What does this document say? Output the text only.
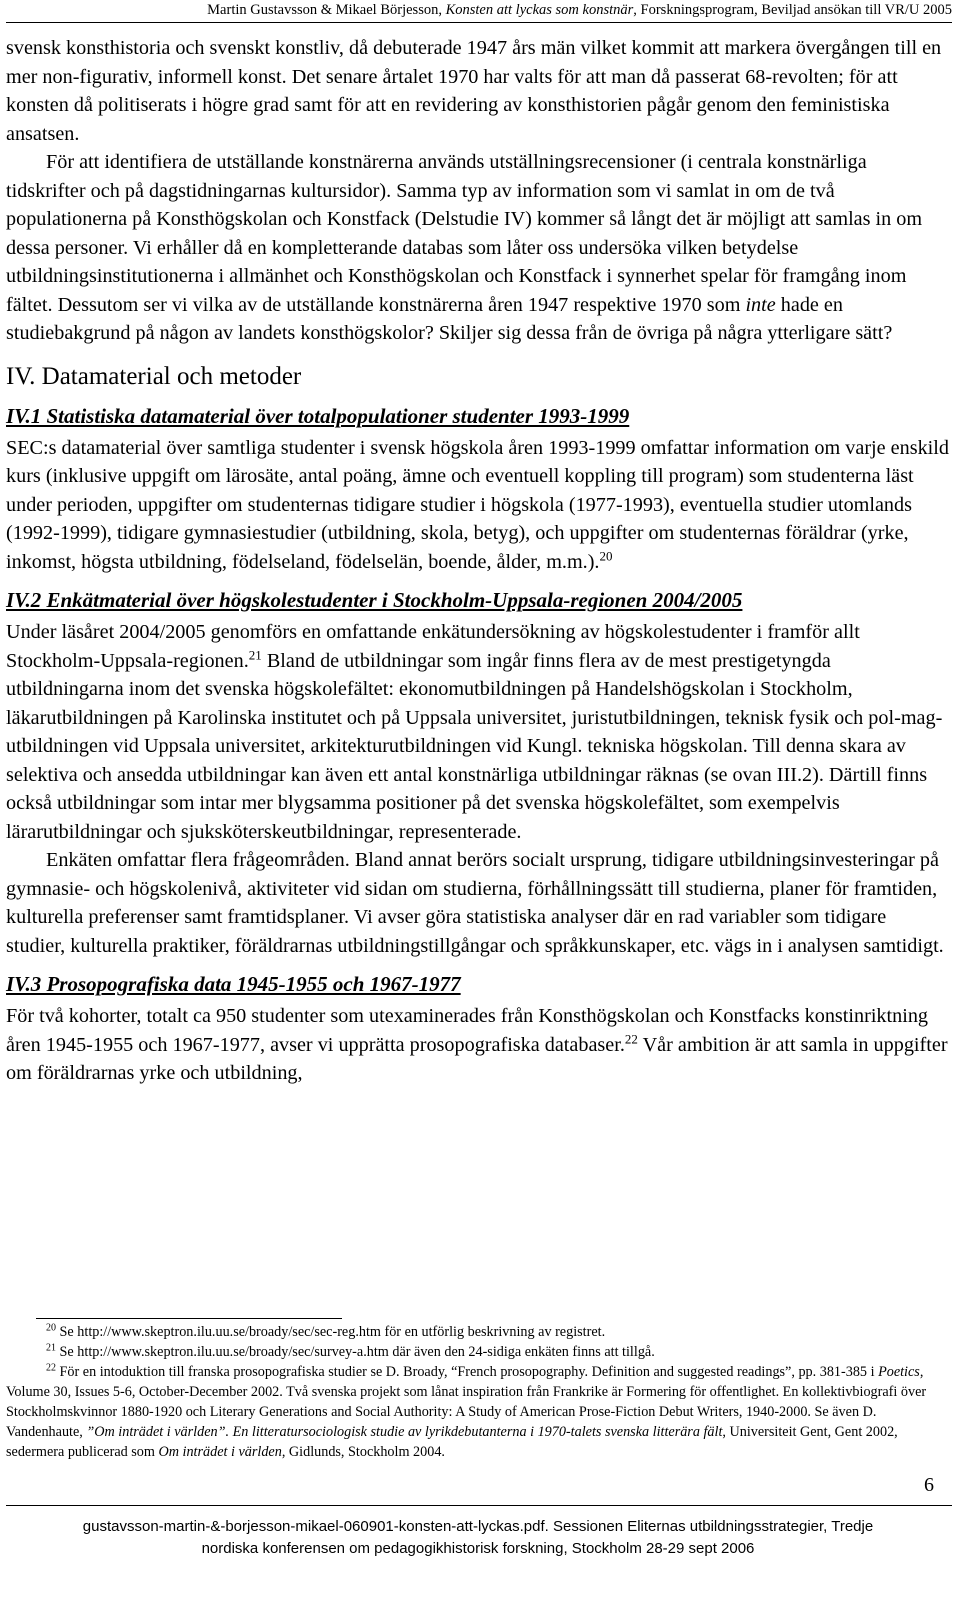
Martin Gustavsson & Mikael Börjesson, Konsten att lyckas som konstnär, Forskningsprogram, Beviljad ansökan till VR/U 2005

svensk konsthistoria och svenskt konstliv, då debuterade 1947 års män vilket kommit att markera övergången till en mer non-figurativ, informell konst. Det senare årtalet 1970 har valts för att man då passerat 68-revolten; för att konsten då politiserats i högre grad samt för att en revidering av konsthistorien pågår genom den feministiska ansatsen.

För att identifiera de utställande konstnärerna används utställningsrecensioner (i centrala konstnärliga tidskrifter och på dagstidningarnas kultursidor). Samma typ av information som vi samlat in om de två populationerna på Konsthögskolan och Konstfack (Delstudie IV) kommer så långt det är möjligt att samlas in om dessa personer. Vi erhåller då en kompletterande databas som låter oss undersöka vilken betydelse utbildningsinstitutionerna i allmänhet och Konsthögskolan och Konstfack i synnerhet spelar för framgång inom fältet. Dessutom ser vi vilka av de utställande konstnärerna åren 1947 respektive 1970 som inte hade en studiebakgrund på någon av landets konsthögskolor? Skiljer sig dessa från de övriga på några ytterligare sätt?

IV. Datamaterial och metoder

IV.1 Statistiska datamaterial över totalpopulationer studenter 1993-1999

SEC:s datamaterial över samtliga studenter i svensk högskola åren 1993-1999 omfattar information om varje enskild kurs (inklusive uppgift om lärosäte, antal poäng, ämne och eventuell koppling till program) som studenterna läst under perioden, uppgifter om studenternas tidigare studier i högskola (1977-1993), eventuella studier utomlands (1992-1999), tidigare gymnasiestudier (utbildning, skola, betyg), och uppgifter om studenternas föräldrar (yrke, inkomst, högsta utbildning, födelseland, födelselän, boende, ålder, m.m.).$^{20}$

IV.2 Enkätmaterial över högskolestudenter i Stockholm-Uppsala-regionen 2004/2005

Under läsåret 2004/2005 genomförs en omfattande enkätundersökning av högskolestudenter i framför allt Stockholm-Uppsala-regionen.$^{21}$ Bland de utbildningar som ingår finns flera av de mest prestigetyngda utbildningarna inom det svenska högskolefältet: ekonomutbildningen på Handelshögskolan i Stockholm, läkarutbildningen på Karolinska institutet och på Uppsala universitet, juristutbildningen, teknisk fysik och pol-mag-utbildningen vid Uppsala universitet, arkitekturutbildningen vid Kungl. tekniska högskolan. Till denna skara av selektiva och ansedda utbildningar kan även ett antal konstnärliga utbildningar räknas (se ovan III.2). Därtill finns också utbildningar som intar mer blygsamma positioner på det svenska högskolefältet, som exempelvis lärarutbildningar och sjuksköterskeutbildningar, representerade.

Enkäten omfattar flera frågeområden. Bland annat berörs socialt ursprung, tidigare utbildningsinvesteringar på gymnasie- och högskolenivå, aktiviteter vid sidan om studierna, förhållningssätt till studierna, planer för framtiden, kulturella preferenser samt framtidsplaner. Vi avser göra statistiska analyser där en rad variabler som tidigare studier, kulturella praktiker, föräldrarnas utbildningstillgångar och språkkunskaper, etc. vägs in i analysen samtidigt.

IV.3 Prosopografiska data 1945-1955 och 1967-1977

För två kohorter, totalt ca 950 studenter som utexaminerades från Konsthögskolan och Konstfacks konstinriktning åren 1945-1955 och 1967-1977, avser vi upprätta prosopografiska databaser.$^{22}$ Vår ambition är att samla in uppgifter om föräldrarnas yrke och utbildning,

$^{20}$ Se http://www.skeptron.ilu.uu.se/broady/sec/sec-reg.htm för en utförlig beskrivning av registret.

$^{21}$ Se http://www.skeptron.ilu.uu.se/broady/sec/survey-a.htm där även den 24-sidiga enkäten finns att tillgå.

$^{22}$ För en intoduktion till franska prosopografiska studier se D. Broady, “French prosopography. Definition and suggested readings”, pp. 381-385 i Poetics, Volume 30, Issues 5-6, October-December 2002. Två svenska projekt som lånat inspiration från Frankrike är Formering för offentlighet. En kollektivbiografi över Stockholmskvinnor 1880-1920 och Literary Generations and Social Authority: A Study of American Prose-Fiction Debut Writers, 1940-2000. Se även D. Vandenhaute, ”Om inträdet i världen”. En litteratursociologisk studie av lyrikdebutanterna i 1970-talets svenska litterära fält, Universiteit Gent, Gent 2002, sedermera publicerad som Om inträdet i världen, Gidlunds, Stockholm 2004.

6

gustavsson-martin-&-borjesson-mikael-060901-konsten-att-lyckas.pdf. Sessionen Eliternas utbildningsstrategier, Tredje

nordiska konferensen om pedagogikhistorisk forskning, Stockholm 28-29 sept 2006
